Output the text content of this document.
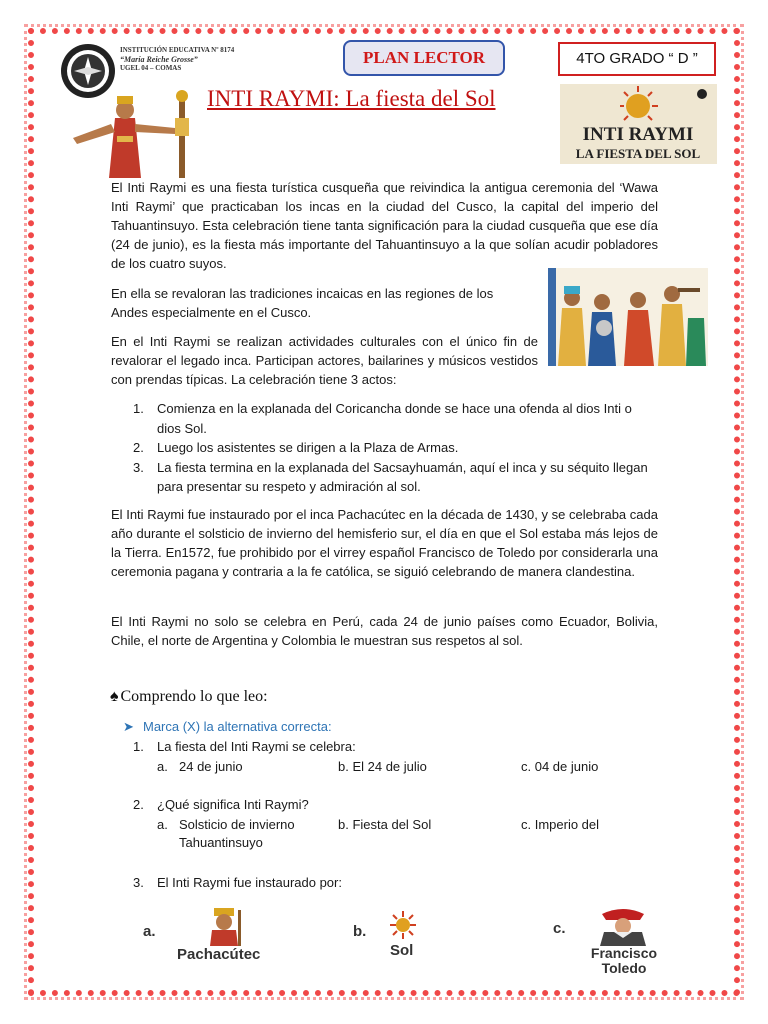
INSTITUCIÓN EDUCATIVA Nº 8174
“María Reiche Grosse”
UGEL 04 – COMAS
PLAN LECTOR	4TO GRADO “ D ”
INTI RAYMI: La fiesta del Sol
INTI RAYMI
LA FIESTA DEL SOL
El Inti Raymi es una fiesta turística cusqueña que reivindica la antigua ceremonia del ‘Wawa Inti Raymi’ que practicaban los incas en la ciudad del Cusco, la capital del imperio del Tahuantinsuyo. Esta celebración tiene tanta significación para la ciudad cusqueña que ese día (24 de junio), es la fiesta más importante del Tahuantinsuyo a la que solían acudir pobladores de los cuatro suyos.
En ella se revaloran las tradiciones incaicas en las regiones de los Andes especialmente en el Cusco.
En el Inti Raymi se realizan actividades culturales con el único fin de revalorar el legado inca. Participan actores, bailarines y músicos vestidos con prendas típicas. La celebración tiene 3 actos:
1. Comienza en la explanada del Coricancha donde se hace una ofenda al dios Inti o dios Sol.
2. Luego los asistentes se dirigen a la Plaza de Armas.
3. La fiesta termina en la explanada del Sacsayhuamán, aquí el inca y su séquito llegan para presentar su respeto y admiración al sol.
El Inti Raymi fue instaurado por el inca Pachacútec en la década de 1430, y se celebraba cada año durante el solsticio de invierno del hemisferio sur, el día en que el Sol estaba más lejos de la Tierra. En1572, fue prohibido por el virrey español Francisco de Toledo por considerarla una ceremonia pagana y contraria a la fe católica, se siguió celebrando de manera clandestina.
El Inti Raymi no solo se celebra en Perú, cada 24 de junio países como Ecuador, Bolivia, Chile, el norte de Argentina y Colombia le muestran sus respetos al sol.
♠ Comprendo lo que leo:
➤ Marca (X) la alternativa correcta:
1. La fiesta del Inti Raymi se celebra:
a. 24 de junio	b. El 24 de julio	c. 04 de junio
2. ¿Qué significa Inti Raymi?
a. Solsticio de invierno
Tahuantinsuyo
b. Fiesta del Sol	c. Imperio del
3. El Inti Raymi fue instaurado por:
a.
Pachacútec
b.
Sol
c.
Francisco
Toledo
